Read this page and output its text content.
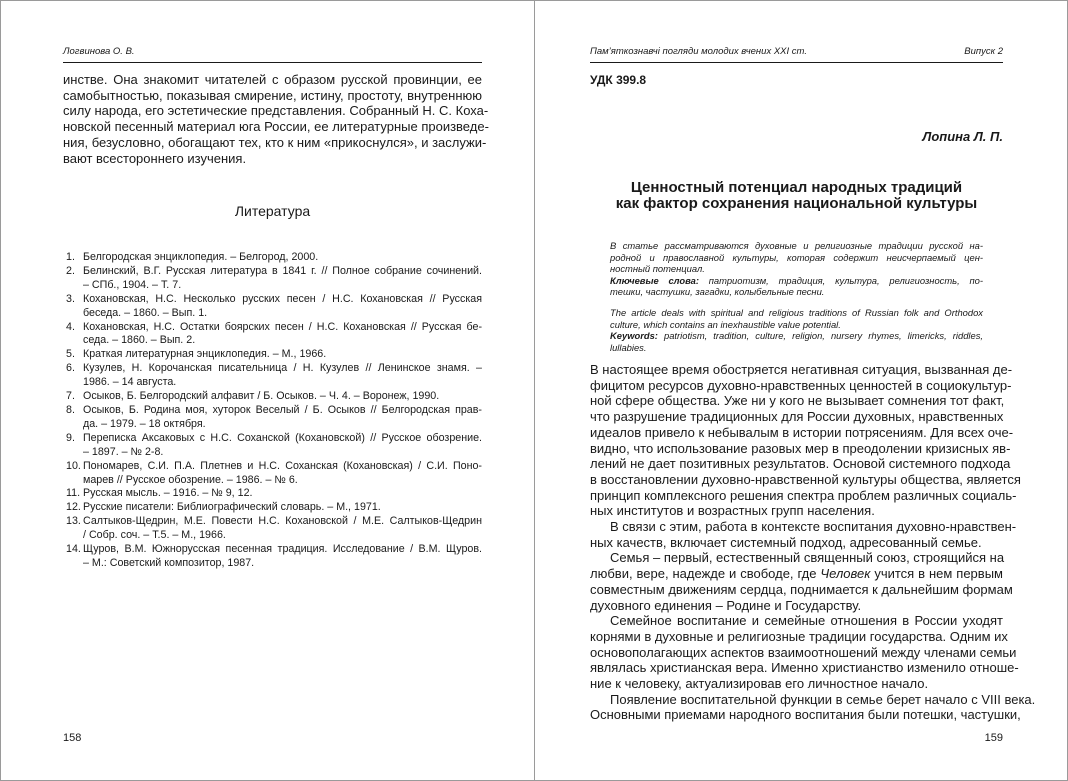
Логвинова О. В.
инстве. Она знакомит читателей с образом русской провинции, ее
самобытностью, показывая смирение, истину, простоту, внутреннюю
силу народа, его эстетические представления. Собранный Н. С. Коха-
новской песенный материал юга России, ее литературные произведе-
ния, безусловно, обогащают тех, кто к ним «прикоснулся», и заслужи-
вают всестороннего изучения.
Литература
1. Белгородская энциклопедия. – Белгород, 2000.
2. Белинский, В.Г. Русская литература в 1841 г. // Полное собрание сочинений.
– СПб., 1904. – Т. 7.
3. Кохановская, Н.С. Несколько русских песен / Н.С. Кохановская // Русская
беседа. – 1860. – Вып. 1.
4. Кохановская, Н.С. Остатки боярских песен / Н.С. Кохановская // Русская бе-
седа. – 1860. – Вып. 2.
5. Краткая литературная энциклопедия. – М., 1966.
6. Кузулев, Н. Корочанская писательница / Н. Кузулев // Ленинское знамя. –
1986. – 14 августа.
7. Осыков, Б. Белгородский алфавит / Б. Осыков. – Ч. 4. – Воронеж, 1990.
8. Осыков, Б. Родина моя, хуторок Веселый / Б. Осыков // Белгородская прав-
да. – 1979. – 18 октября.
9. Переписка Аксаковых с Н.С. Соханской (Кохановской) // Русское обозрение.
– 1897. – № 2-8.
10. Пономарев, С.И. П.А. Плетнев и Н.С. Соханская (Кохановская) / С.И. Поно-
марев // Русское обозрение. – 1986. – № 6.
11. Русская мысль. – 1916. – № 9, 12.
12. Русские писатели: Библиографический словарь. – М., 1971.
13. Салтыков-Щедрин, М.Е. Повести Н.С. Кохановской / М.Е. Салтыков-Щедрин
/ Собр. соч. – Т.5. – М., 1966.
14. Щуров, В.М. Южнорусская песенная традиция. Исследование / В.М. Щуров.
– М.: Советский композитор, 1987.
158
Пам’яткознавчі погляди молодих вчених XXI ст.	Випуск 2
УДК 399.8
Лопина Л. П.
Ценностный потенциал народных традиций
как фактор сохранения национальной культуры
В статье рассматриваются духовные и религиозные традиции русской на-
родной и православной культуры, которая содержит неисчерпаемый цен-
ностный потенциал.
Ключевые слова: патриотизм, традиция, культура, религиозность, по-
тешки, частушки, загадки, колыбельные песни.
The article deals with spiritual and religious traditions of Russian folk and Orthodox
culture, which contains an inexhaustible value potential.
Keywords: patriotism, tradition, culture, religion, nursery rhymes, limericks, riddles,
lullabies.
В настоящее время обостряется негативная ситуация, вызванная де-
фицитом ресурсов духовно-нравственных ценностей в социокультур-
ной сфере общества. Уже ни у кого не вызывает сомнения тот факт,
что разрушение традиционных для России духовных, нравственных
идеалов привело к небывалым в истории потрясениям. Для всех оче-
видно, что использование разовых мер в преодолении кризисных яв-
лений не дает позитивных результатов. Основой системного подхода
в восстановлении духовно-нравственной культуры общества, является
принцип комплексного решения спектра проблем различных социаль-
ных институтов и возрастных групп населения.
В связи с этим, работа в контексте воспитания духовно-нравствен-
ных качеств, включает системный подход, адресованный семье.
Семья – первый, естественный священный союз, строящийся на
любви, вере, надежде и свободе, где Человек учится в нем первым
совместным движениям сердца, поднимается к дальнейшим формам
духовного единения – Родине и Государству.
Семейное воспитание и семейные отношения в России уходят
корнями в духовные и религиозные традиции государства. Одним их
основополагающих аспектов взаимоотношений между членами семьи
являлась христианская вера. Именно христианство изменило отноше-
ние к человеку, актуализировав его личностное начало.
Появление воспитательной функции в семье берет начало с VIII века.
Основными приемами народного воспитания были потешки, частушки,
159
